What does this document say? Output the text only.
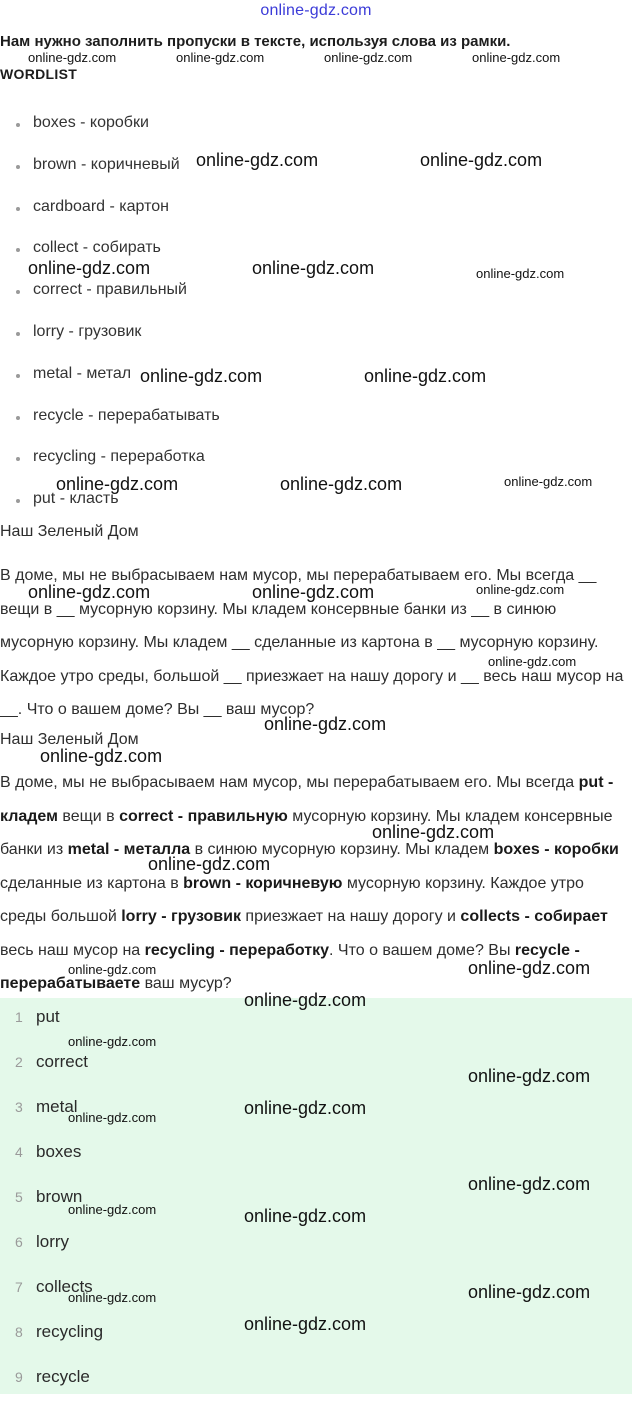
online-gdz.com
Нам нужно заполнить пропуски в тексте, используя слова из рамки.
WORDLIST
boxes - коробки
brown - коричневый
cardboard - картон
collect - собирать
correct - правильный
lorry - грузовик
metal - метал
recycle - перерабатывать
recycling - переработка
put - класть
Наш Зеленый Дом
В доме, мы не выбрасываем нам мусор, мы перерабатываем его. Мы всегда __ вещи в __ мусорную корзину. Мы кладем консервные банки из __ в синюю мусорную корзину. Мы кладем __ сделанные из картона в __ мусорную корзину. Каждое утро среды, большой __ приезжает на нашу дорогу и __ весь наш мусор на __. Что о вашем доме? Вы __ ваш мусор?
Наш Зеленый Дом
В доме, мы не выбрасываем нам мусор, мы перерабатываем его. Мы всегда put - кладем вещи в correct - правильную мусорную корзину. Мы кладем консервные банки из metal - металла в синюю мусорную корзину. Мы кладем boxes - коробки сделанные из картона в brown - коричневую мусорную корзину. Каждое утро среды большой lorry - грузовик приезжает на нашу дорогу и collects - собирает весь наш мусор на recycling - переработку. Что о вашем доме? Вы recycle - перерабатываете ваш мусур?
1 put
2 correct
3 metal
4 boxes
5 brown
6 lorry
7 collects
8 recycling
9 recycle
online-gdz.com	online-gdz.com	online-gdz.com	online-gdz.com
online-gdz.com	online-gdz.com
online-gdz.com	online-gdz.com	online-gdz.com
online-gdz.com	online-gdz.com
online-gdz.com	online-gdz.com	online-gdz.com
online-gdz.com	online-gdz.com	online-gdz.com
online-gdz.com
online-gdz.com
online-gdz.com
online-gdz.com
online-gdz.com
online-gdz.com
online-gdz.com
online-gdz.com
online-gdz.com
online-gdz.com
online-gdz.com
online-gdz.com
online-gdz.com
online-gdz.com	online-gdz.com
online-gdz.com
online-gdz.com
online-gdz.com
